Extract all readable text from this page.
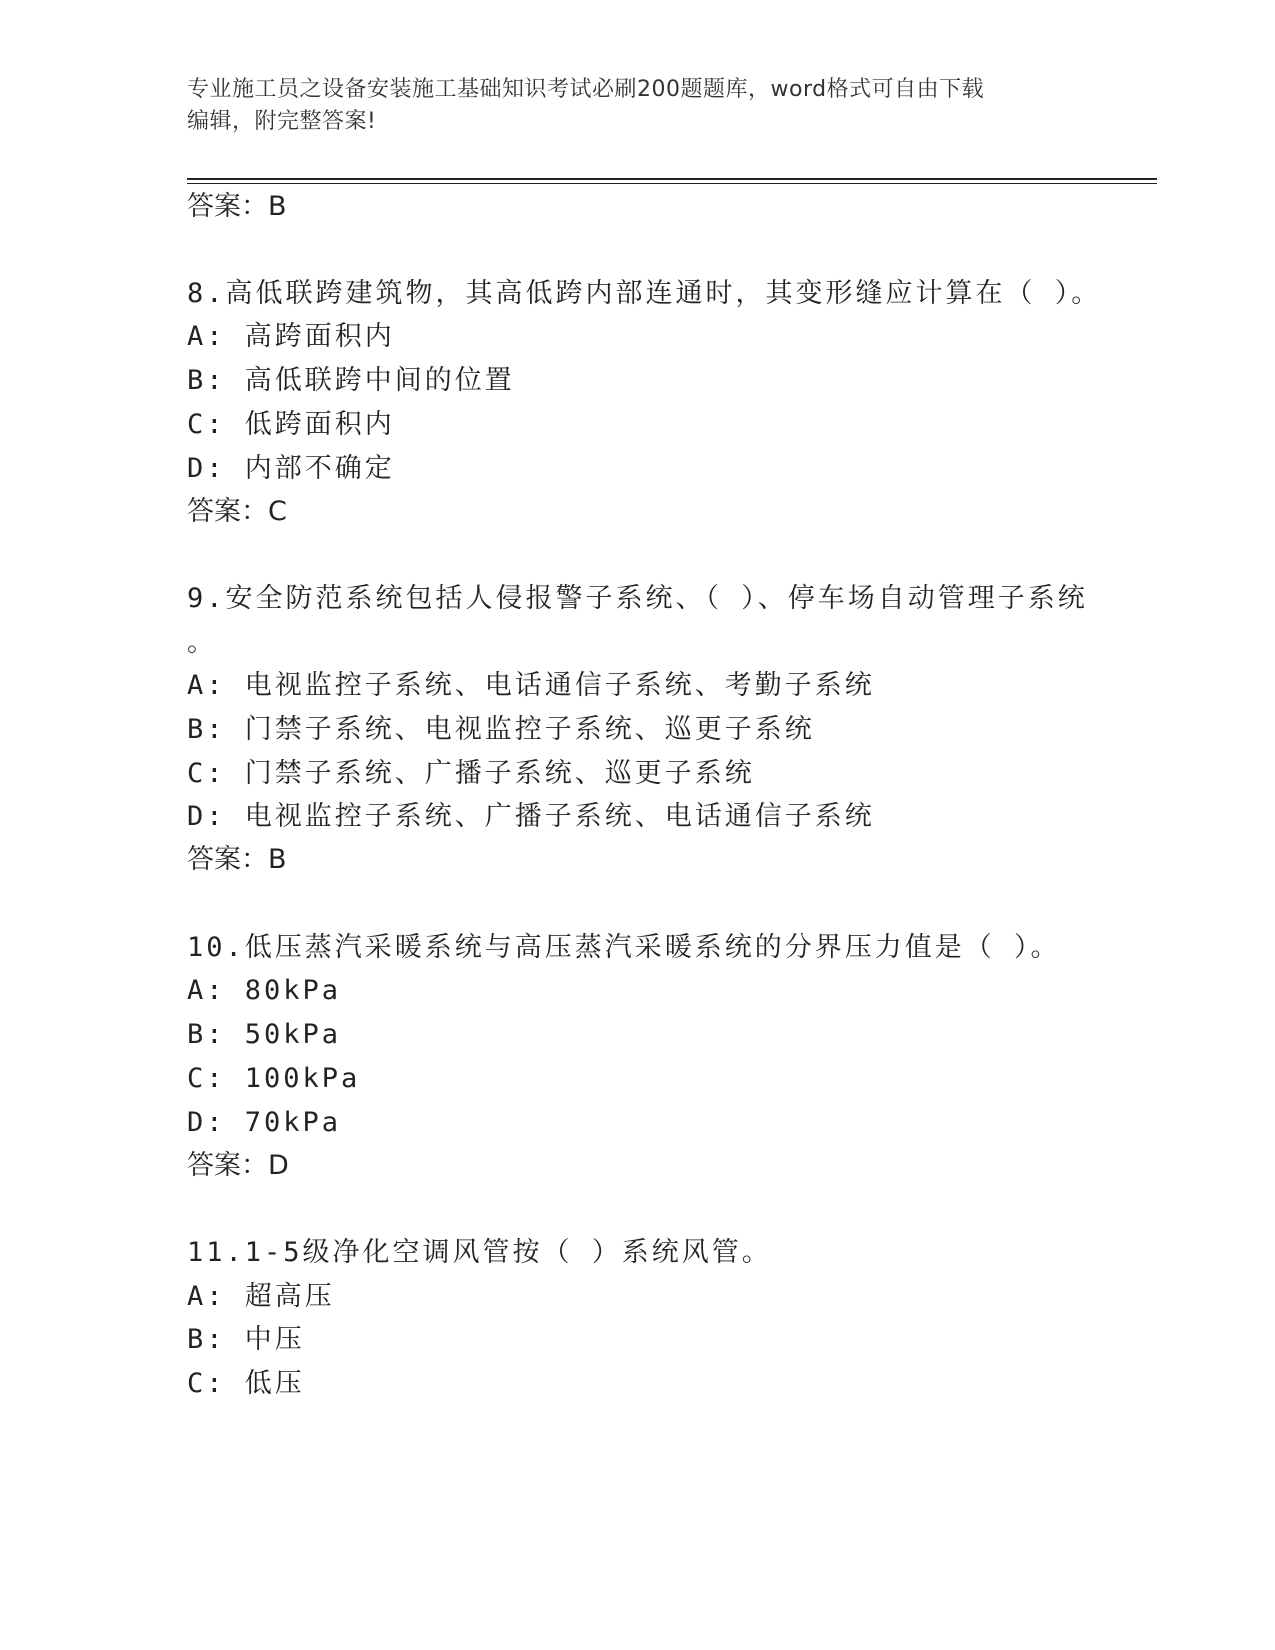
专业施工员之设备安装施工基础知识考试必刷200题题库，word格式可自由下载
编辑，附完整答案!
答案：B
8.高低联跨建筑物，其高低跨内部连通时，其变形缝应计算在（ ）。
A: 高跨面积内
B: 高低联跨中间的位置
C: 低跨面积内
D: 内部不确定
答案：C
9.安全防范系统包括人侵报警子系统、（ ）、停车场自动管理子系统
。
A: 电视监控子系统、电话通信子系统、考勤子系统
B: 门禁子系统、电视监控子系统、巡更子系统
C: 门禁子系统、广播子系统、巡更子系统
D: 电视监控子系统、广播子系统、电话通信子系统
答案：B
10.低压蒸汽采暖系统与高压蒸汽采暖系统的分界压力值是（ ）。
A: 80kPa
B: 50kPa
C: 100kPa
D: 70kPa
答案：D
11.1-5级净化空调风管按（ ）系统风管。
A: 超高压
B: 中压
C: 低压
